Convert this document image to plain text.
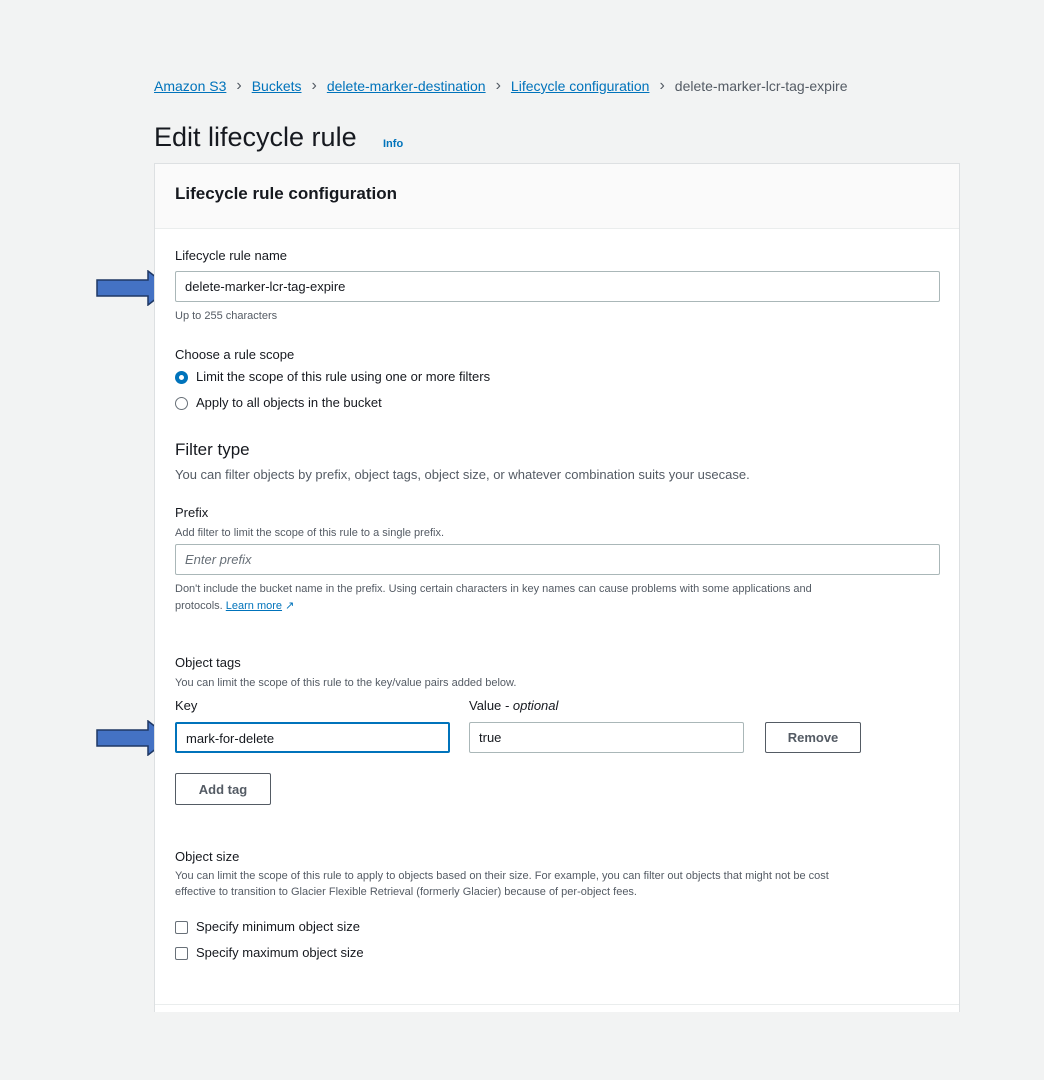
Amazon S3 › Buckets › delete-marker-destination › Lifecycle configuration › delete-marker-lcr-tag-expire
Edit lifecycle rule Info
Lifecycle rule configuration
Lifecycle rule name
delete-marker-lcr-tag-expire
Up to 255 characters
Choose a rule scope
Limit the scope of this rule using one or more filters
Apply to all objects in the bucket
Filter type
You can filter objects by prefix, object tags, object size, or whatever combination suits your usecase.
Prefix
Add filter to limit the scope of this rule to a single prefix.
Enter prefix
Don't include the bucket name in the prefix. Using certain characters in key names can cause problems with some applications and
protocols. Learn more ↗
Object tags
You can limit the scope of this rule to the key/value pairs added below.
Key	Value - optional
mark-for-delete	true	Remove
Add tag
Object size
You can limit the scope of this rule to apply to objects based on their size. For example, you can filter out objects that might not be cost
effective to transition to Glacier Flexible Retrieval (formerly Glacier) because of per-object fees.
Specify minimum object size
Specify maximum object size
